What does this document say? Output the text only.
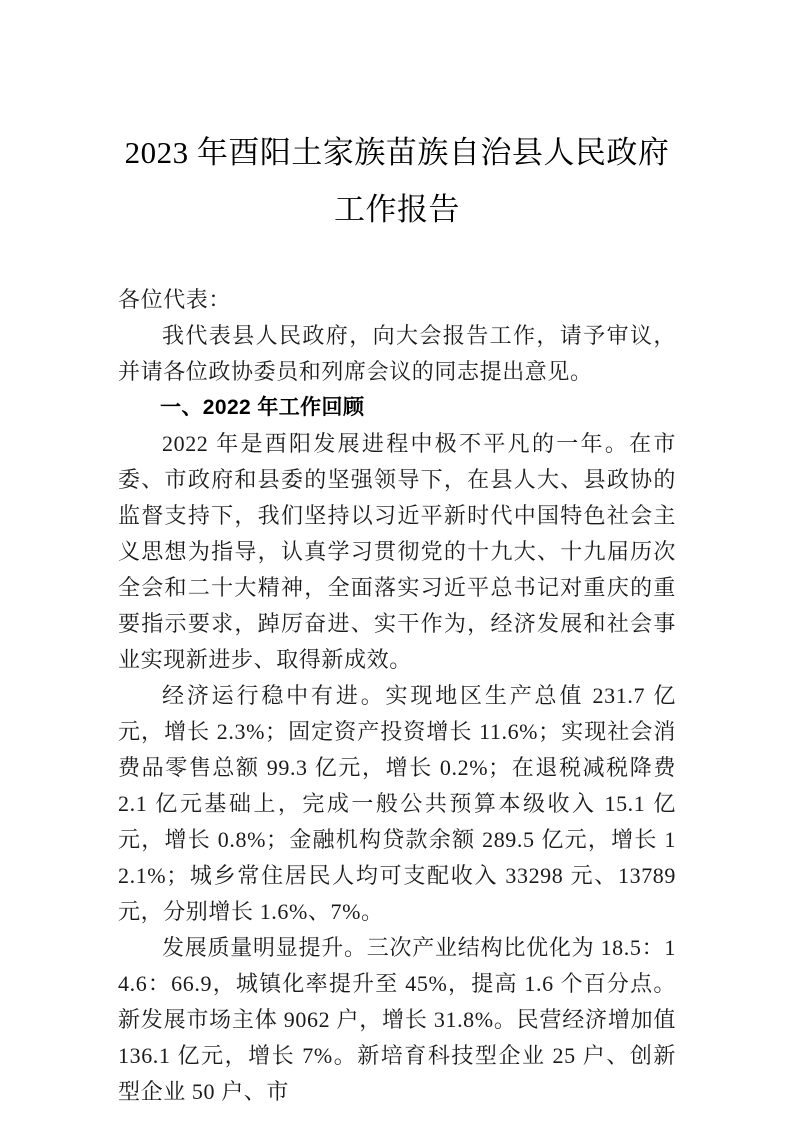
2023 年酉阳土家族苗族自治县人民政府工作报告

各位代表：

我代表县人民政府，向大会报告工作，请予审议，并请各位政协委员和列席会议的同志提出意见。

一、2022 年工作回顾

2022 年是酉阳发展进程中极不平凡的一年。在市委、市政府和县委的坚强领导下，在县人大、县政协的监督支持下，我们坚持以习近平新时代中国特色社会主义思想为指导，认真学习贯彻党的十九大、十九届历次全会和二十大精神，全面落实习近平总书记对重庆的重要指示要求，踔厉奋进、实干作为，经济发展和社会事业实现新进步、取得新成效。

经济运行稳中有进。实现地区生产总值 231.7 亿元，增长 2.3%；固定资产投资增长 11.6%；实现社会消费品零售总额 99.3 亿元，增长 0.2%；在退税减税降费 2.1 亿元基础上，完成一般公共预算本级收入 15.1 亿元，增长 0.8%；金融机构贷款余额 289.5 亿元，增长 12.1%；城乡常住居民人均可支配收入 33298 元、13789 元，分别增长 1.6%、7%。

发展质量明显提升。三次产业结构比优化为 18.5：14.6：66.9，城镇化率提升至 45%，提高 1.6 个百分点。新发展市场主体 9062 户，增长 31.8%。民营经济增加值 136.1 亿元，增长 7%。新培育科技型企业 25 户、创新型企业 50 户、市
